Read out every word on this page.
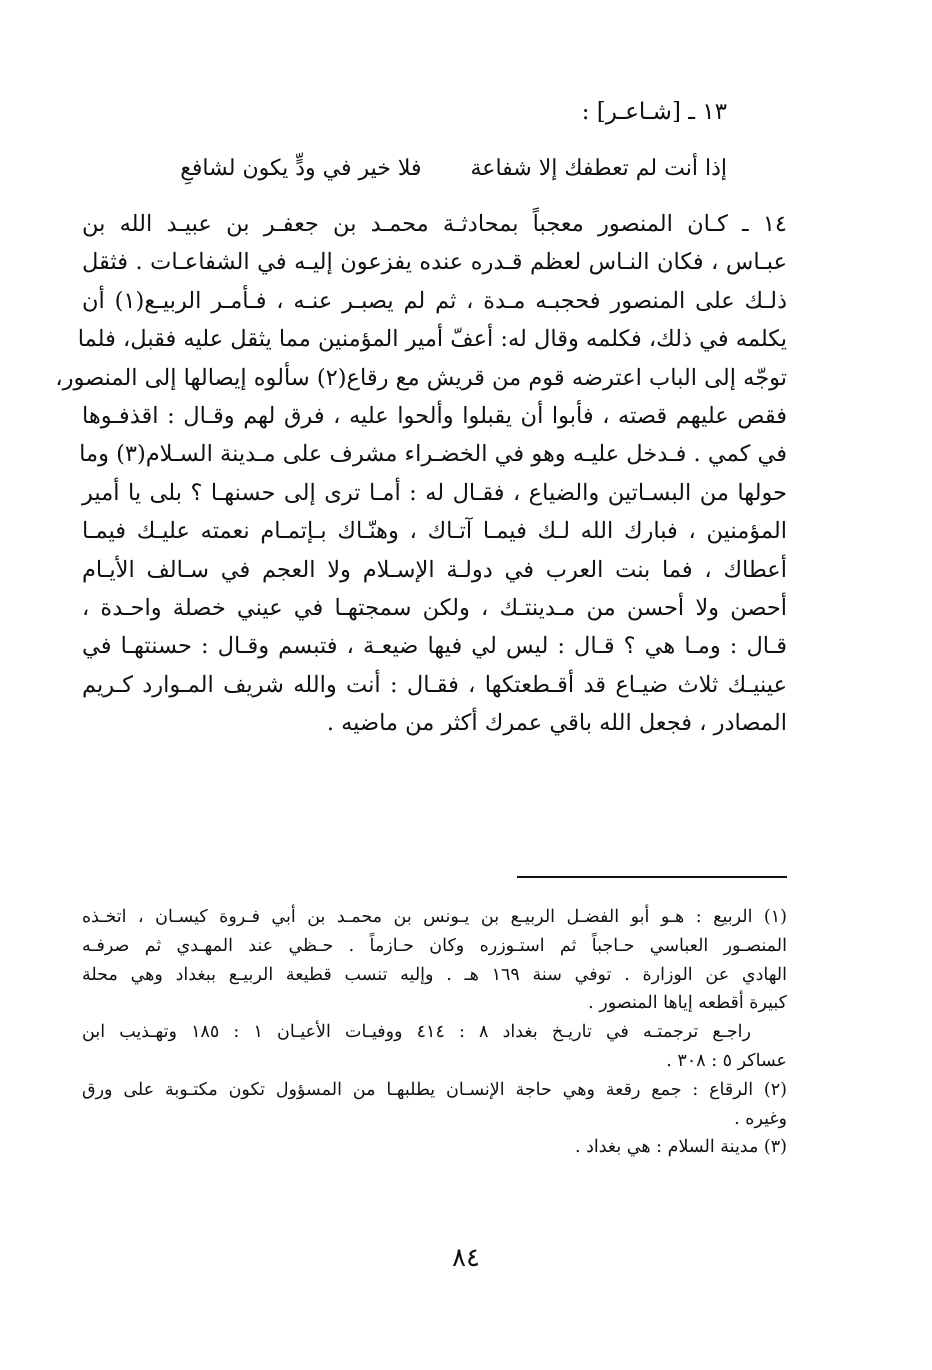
١٣ ـ [شـاعـر] :
إذا أنت لم تعطفك إلا شفاعة فلا خير في ودٍّ يكون لشافعِ
١٤ ـ كـان المنصور معجباً بمحادثـة محمـد بن جعفـر بن عبيـد الله بن
عبـاس ، فكان النـاس لعظم قـدره عنده يفزعون إليـه في الشفاعـات . فثقل
ذلـك على المنصور فحجبـه مـدة ، ثم لم يصبـر عنـه ، فـأمـر الربيـع(١) أن
يكلمه في ذلك، فكلمه وقال له: أعفّ أمير المؤمنين مما يثقل عليه فقبل، فلما
توجّه إلى الباب اعترضه قوم من قريش مع رقاع(٢) سألوه إيصالها إلى المنصور،
فقص عليهم قصته ، فأبوا أن يقبلوا وألحوا عليه ، فرق لهم وقـال : اقذفـوها
في كمي . فـدخل عليـه وهو في الخضـراء مشرف على مـدينة السـلام(٣) وما
حولها من البسـاتين والضياع ، فقـال له : أمـا ترى إلى حسنهـا ؟ بلى يا أمير
المؤمنين ، فبارك الله لـك فيمـا آتـاك ، وهنّـاك بـإتمـام نعمته عليـك فيمـا
أعطاك ، فما بنت العرب في دولـة الإسـلام ولا العجم في سـالف الأيـام
أحصن ولا أحسن من مـدينتـك ، ولكن سمجتهـا في عيني خصلة واحـدة ،
قـال : ومـا هي ؟ قـال : ليس لي فيها ضيعـة ، فتبسم وقـال : حسنتهـا في
عينيـك ثلاث ضيـاع قد أقـطعتكها ، فقـال : أنت والله شريف المـوارد كـريم
المصادر ، فجعل الله باقي عمرك أكثر من ماضيه .
(١) الربيع : هـو أبو الفضـل الربيـع بن يـونس بن محمـد بن أبي فـروة كيسـان ، اتخـذه
المنصـور العباسي حـاجباً ثم استـوزره وكان حـازماً . حـظي عند المهـدي ثم صرفـه
الهادي عن الوزارة . توفي سنة ١٦٩ هـ . وإليه تنسب قطيعة الربيـع ببغداد وهي محلة
كبيرة أقطعه إياها المنصور .
راجـع ترجمتـه في تاريـخ بغداد ٨ : ٤١٤ ووفيـات الأعيـان ١ : ١٨٥ وتهـذيب ابن
عساكر ٥ : ٣٠٨ .
(٢) الرقاع : جمع رقعة وهي حاجة الإنسـان يطلبهـا من المسؤول تكون مكتـوبة على ورق
وغيره .
(٣) مدينة السلام : هي بغداد .
٨٤
